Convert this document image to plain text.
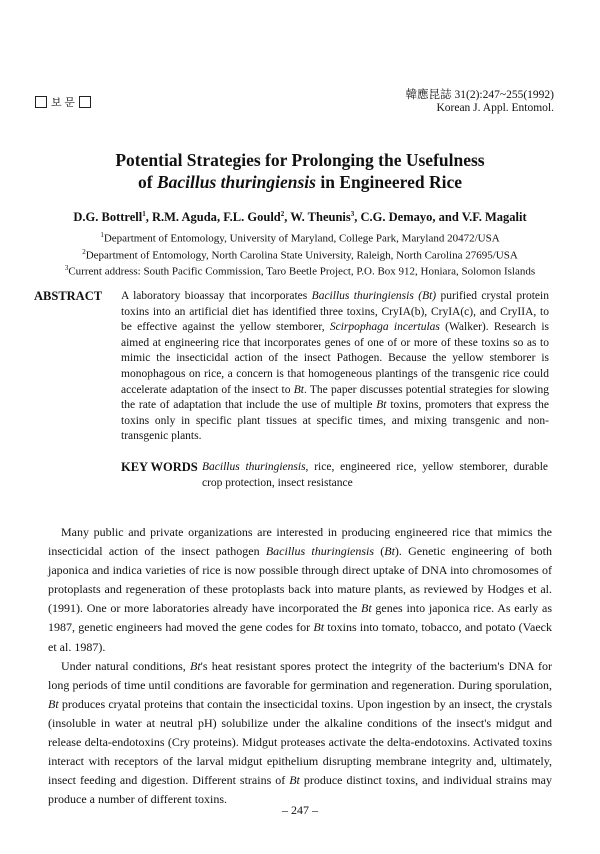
보 문
韓應昆誌 31(2):247~255(1992)
Korean J. Appl. Entomol.
Potential Strategies for Prolonging the Usefulness
of Bacillus thuringiensis in Engineered Rice
D.G. Bottrell$^1$, R.M. Aguda, F.L. Gould$^2$, W. Theunis$^3$, C.G. Demayo, and V.F. Magalit
$^1$Department of Entomology, University of Maryland, College Park, Maryland 20472/USA
$^2$Department of Entomology, North Carolina State University, Raleigh, North Carolina 27695/USA
$^3$Current address: South Pacific Commission, Taro Beetle Project, P.O. Box 912, Honiara, Solomon Islands
ABSTRACT A laboratory bioassay that incorporates Bacillus thuringiensis (Bt) purified crystal protein toxins into an artificial diet has identified three toxins, CryIA(b), CryIA(c), and CryIIA, to be effective against the yellow stemborer, Scirpophaga incertulas (Walker). Research is aimed at engineering rice that incorporates genes of one of or more of these toxins so as to mimic the insecticidal action of the insect Pathogen. Because the yellow stemborer is monophagous on rice, a concern is that homogeneous plantings of the transgenic rice could accelerate adaptation of the insect to Bt. The paper discusses potential strategies for slowing the rate of adaptation that include the use of multiple Bt toxins, promoters that express the toxins only in specific plant tissues at specific times, and mixing transgenic and non-transgenic plants.
KEY WORDS Bacillus thuringiensis, rice, engineered rice, yellow stemborer, durable crop protection, insect resistance

Many public and private organizations are interested in producing engineered rice that mimics the insecticidal action of the insect pathogen Bacillus thuringiensis (Bt). Genetic engineering of both japonica and indica varieties of rice is now possible through direct uptake of DNA into chromosomes of protoplasts and regeneration of these protoplasts back into mature plants, as reviewed by Hodges et al. (1991). One or more laboratories already have incorporated the Bt genes into japonica rice. As early as 1987, genetic engineers had moved the gene codes for Bt toxins into tomato, tobacco, and potato (Vaeck et al. 1987).

Under natural conditions, Bt's heat resistant spores protect the integrity of the bacterium's DNA for long periods of time until conditions are favorable for germination and regeneration. During sporulation, Bt produces cryatal proteins that contain the insecticidal toxins. Upon ingestion by an insect, the crystals (insoluble in water at neutral pH) solubilize under the alkaline conditions of the insect's midgut and release delta-endotoxins (Cry proteins). Midgut proteases activate the delta-endotoxins. Activated toxins interact with receptors of the larval midgut epithelium disrupting membrane integrity and, ultimately, insect feeding and digestion. Different strains of Bt produce distinct toxins, and individual strains may produce a number of different toxins.

– 247 –
